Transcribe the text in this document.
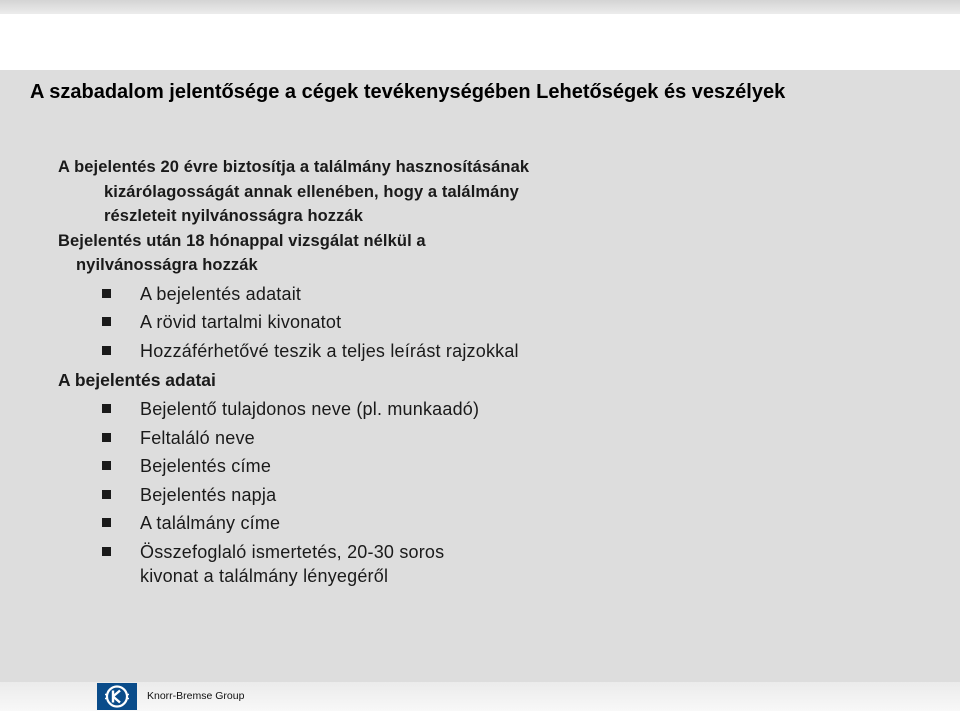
A szabadalom jelentősége a cégek tevékenységében Lehetőségek és veszélyek

A bejelentés 20 évre biztosítja a találmány hasznosításának kizárólagosságát annak ellenében, hogy a találmány részleteit nyilvánosságra hozzák

Bejelentés után 18 hónappal vizsgálat nélkül a nyilvánosságra hozzák

A bejelentés adatait
A rövid tartalmi kivonatot
Hozzáférhetővé teszik a teljes leírást rajzokkal

A bejelentés adatai

Bejelentő tulajdonos neve (pl. munkaadó)
Feltaláló neve
Bejelentés címe
Bejelentés napja
A találmány címe
Összefoglaló ismertetés, 20-30 soros kivonat a találmány lényegéről
Knorr-Bremse Group
